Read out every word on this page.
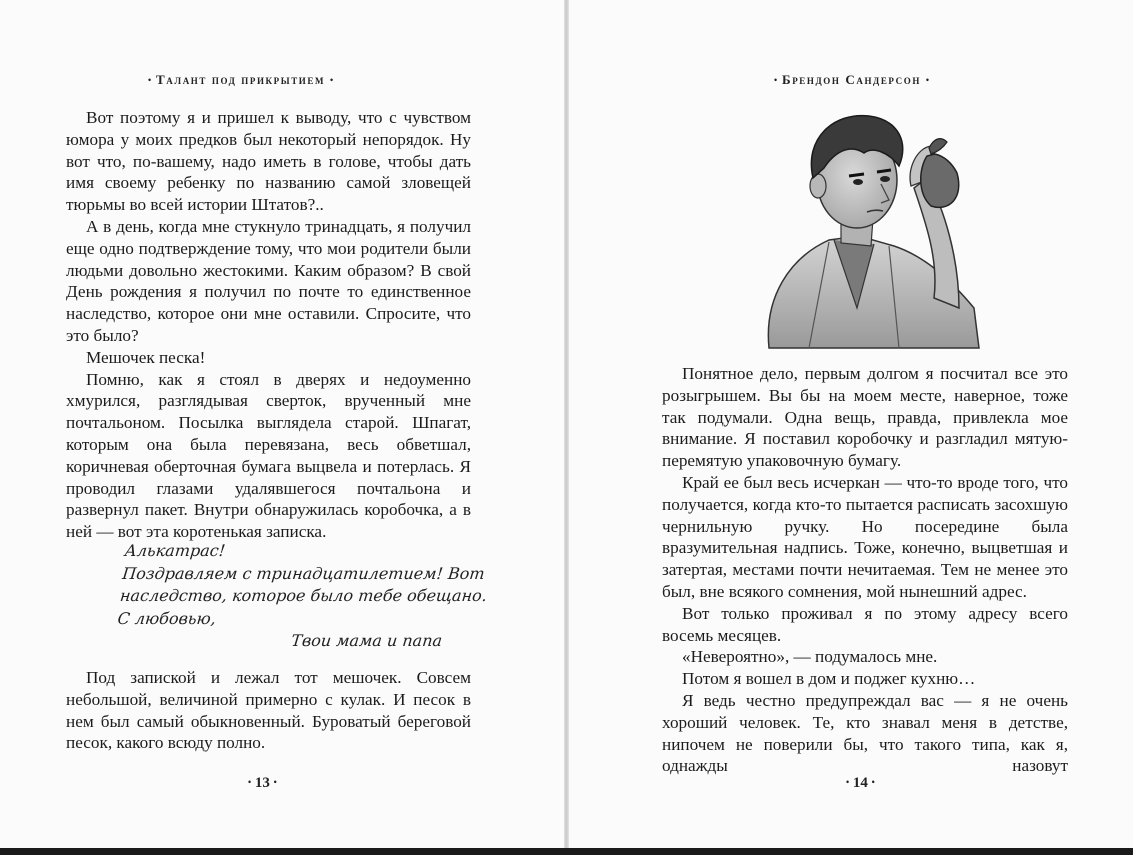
• Талант под прикрытием •

Вот поэтому я и пришел к выводу, что с чувством юмора у моих предков был некоторый непорядок. Ну вот что, по-вашему, надо иметь в голове, чтобы дать имя своему ребенку по названию самой зловещей тюрьмы во всей истории Штатов?..

А в день, когда мне стукнуло тринадцать, я получил еще одно подтверждение тому, что мои родители были людьми довольно жестокими. Каким образом? В свой День рождения я получил по почте то единственное наследство, которое они мне оставили. Спросите, что это было?

Мешочек песка!

Помню, как я стоял в дверях и недоуменно хмурился, разглядывая сверток, врученный мне почтальоном. Посылка выглядела старой. Шпагат, которым она была перевязана, весь обветшал, коричневая оберточная бумага выцвела и потерлась. Я проводил глазами удалявшегося почтальона и развернул пакет. Внутри обнаружилась коробочка, а в ней — вот эта коротенькая записка.

Алькатрас!
Поздравляем с тринадцатилетием! Вот
наследство, которое было тебе обещано.
С любовью,
Твои мама и папа

Под запиской и лежал тот мешочек. Совсем небольшой, величиной примерно с кулак. И песок в нем был самый обыкновенный. Буроватый береговой песок, какого всюду полно.

• 13 •
• Брендон Сандерсон •

Понятное дело, первым долгом я посчитал все это розыгрышем. Вы бы на моем месте, наверное, тоже так подумали. Одна вещь, правда, привлекла мое внимание. Я поставил коробочку и разгладил мятую-перемятую упаковочную бумагу.

Край ее был весь исчеркан — что-то вроде того, что получается, когда кто-то пытается расписать засохшую чернильную ручку. Но посередине была вразумительная надпись. Тоже, конечно, выцветшая и затертая, местами почти нечитаемая. Тем не менее это был, вне всякого сомнения, мой нынешний адрес.

Вот только проживал я по этому адресу всего восемь месяцев.

«Невероятно», — подумалось мне.

Потом я вошел в дом и поджег кухню…

Я ведь честно предупреждал вас — я не очень хороший человек. Те, кто знавал меня в детстве, нипочем не поверили бы, что такого типа, как я, однажды назовут

• 14 •
